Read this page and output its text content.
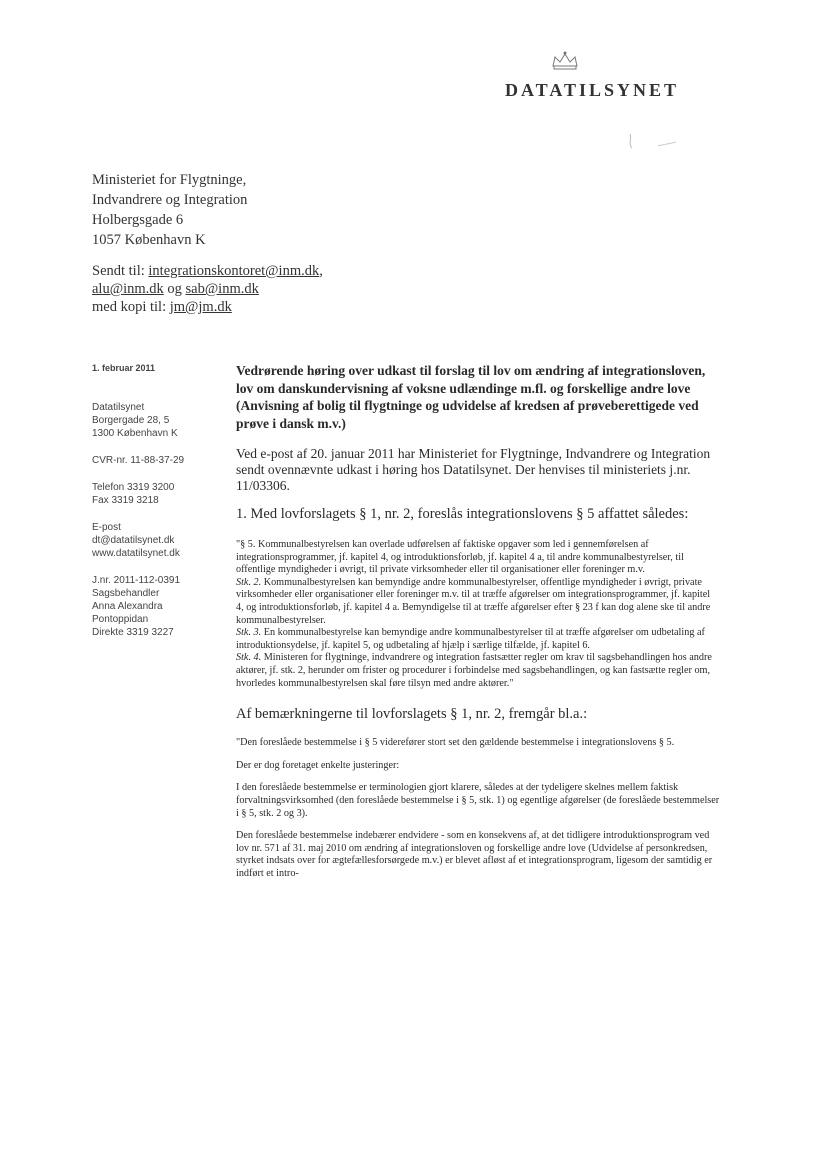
DATATILSYNET
Ministeriet for Flygtninge,
Indvandrere og Integration
Holbergsgade 6
1057 København K
Sendt til: integrationskontoret@inm.dk,
alu@inm.dk og sab@inm.dk
med kopi til: jm@jm.dk
1. februar 2011
Datatilsynet
Borgergade 28, 5
1300 København K
CVR-nr. 11-88-37-29
Telefon 3319 3200
Fax 3319 3218
E-post
dt@datatilsynet.dk
www.datatilsynet.dk
J.nr. 2011-112-0391
Sagsbehandler
Anna Alexandra
Pontoppidan
Direkte 3319 3227

Vedrørende høring over udkast til forslag til lov om ændring af integrationsloven, lov om danskundervisning af voksne udlændinge m.fl. og forskellige andre love (Anvisning af bolig til flygtninge og udvidelse af kredsen af prøveberettigede ved prøve i dansk m.v.)

Ved e-post af 20. januar 2011 har Ministeriet for Flygtninge, Indvandrere og Integration sendt ovennævnte udkast i høring hos Datatilsynet. Der henvises til ministeriets j.nr. 11/03306.

1. Med lovforslagets § 1, nr. 2, foreslås integrationslovens § 5 affattet således:

"§ 5. Kommunalbestyrelsen kan overlade udførelsen af faktiske opgaver som led i gennemførelsen af integrationsprogrammer, jf. kapitel 4, og introduktionsforløb, jf. kapitel 4 a, til andre kommunalbestyrelser, til offentlige myndigheder i øvrigt, til private virksomheder eller til organisationer eller foreninger m.v.

Stk. 2. Kommunalbestyrelsen kan bemyndige andre kommunalbestyrelser, offentlige myndigheder i øvrigt, private virksomheder eller organisationer eller foreninger m.v. til at træffe afgørelser om integrationsprogrammer, jf. kapitel 4, og introduktionsforløb, jf. kapitel 4 a. Bemyndigelse til at træffe afgørelser efter § 23 f kan dog alene ske til andre kommunalbestyrelser.

Stk. 3. En kommunalbestyrelse kan bemyndige andre kommunalbestyrelser til at træffe afgørelser om udbetaling af introduktionsydelse, jf. kapitel 5, og udbetaling af hjælp i særlige tilfælde, jf. kapitel 6.

Stk. 4. Ministeren for flygtninge, indvandrere og integration fastsætter regler om krav til sagsbehandlingen hos andre aktører, jf. stk. 2, herunder om frister og procedurer i forbindelse med sagsbehandlingen, og kan fastsætte regler om, hvorledes kommunalbestyrelsen skal føre tilsyn med andre aktører."

Af bemærkningerne til lovforslagets § 1, nr. 2, fremgår bl.a.:

"Den foreslåede bestemmelse i § 5 viderefører stort set den gældende bestemmelse i integrationslovens § 5.

Der er dog foretaget enkelte justeringer:

I den foreslåede bestemmelse er terminologien gjort klarere, således at der tydeligere skelnes mellem faktisk forvaltningsvirksomhed (den foreslåede bestemmelse i § 5, stk. 1) og egentlige afgørelser (de foreslåede bestemmelser i § 5, stk. 2 og 3).

Den foreslåede bestemmelse indebærer endvidere - som en konsekvens af, at det tidligere introduktionsprogram ved lov nr. 571 af 31. maj 2010 om ændring af integrationsloven og forskellige andre love (Udvidelse af personkredsen, styrket indsats over for ægtefællesforsørgede m.v.) er blevet afløst af et integrationsprogram, ligesom der samtidig er indført et intro-
